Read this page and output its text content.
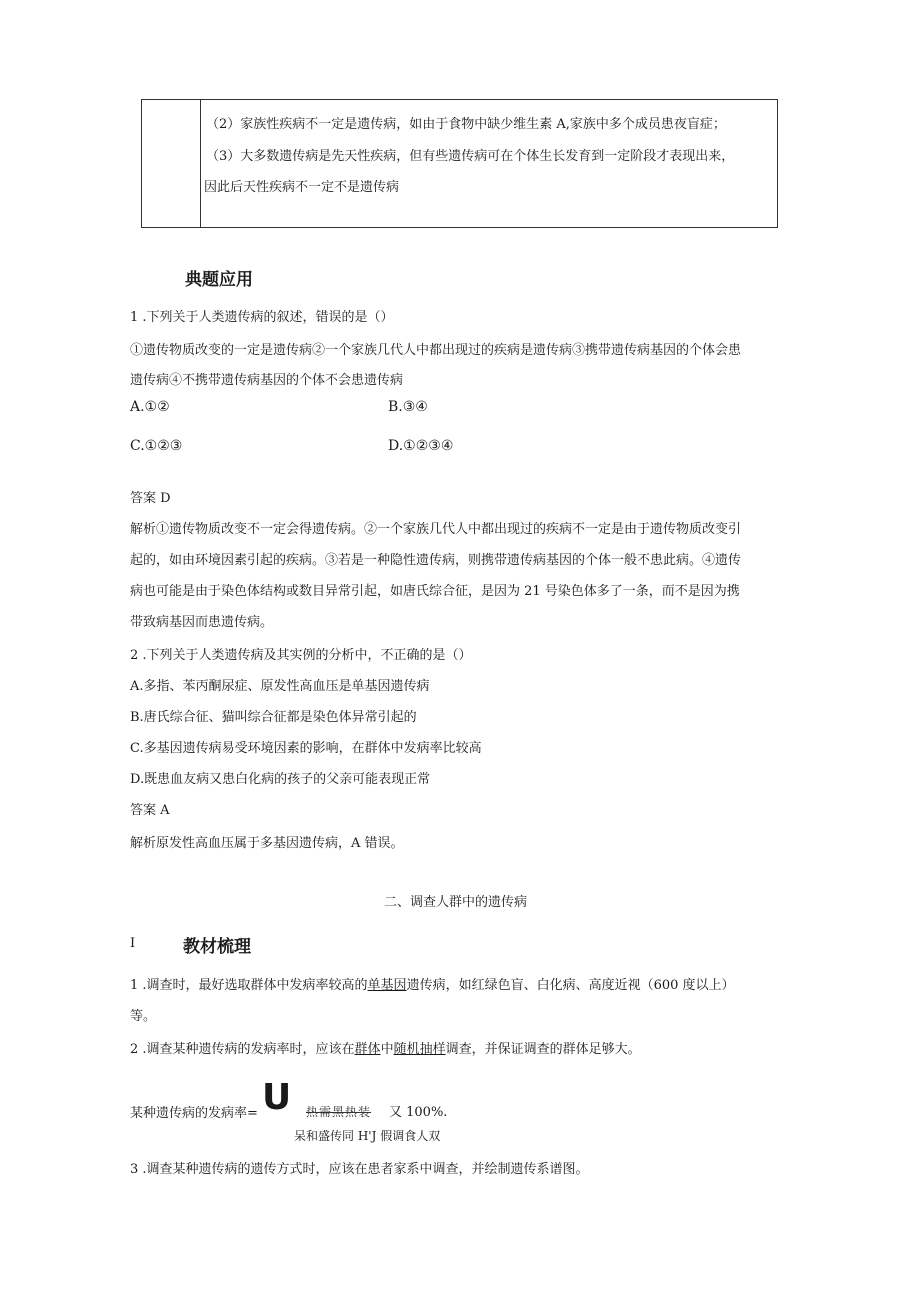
（2）家族性疾病不一定是遗传病，如由于食物中缺少维生素 A,家族中多个成员患夜盲症；
（3）大多数遗传病是先天性疾病，但有些遗传病可在个体生长发育到一定阶段才表现出来，
因此后天性疾病不一定不是遗传病
典题应用
1 .下列关于人类遗传病的叙述，错误的是（）
①遗传物质改变的一定是遗传病②一个家族几代人中都出现过的疾病是遗传病③携带遗传病基因的个体会患
遗传病④不携带遗传病基因的个体不会患遗传病
A.①②	B.③④
C.①②③	D.①②③④
答案 D
解析①遗传物质改变不一定会得遗传病。②一个家族几代人中都出现过的疾病不一定是由于遗传物质改变引
起的，如由环境因素引起的疾病。③若是一种隐性遗传病，则携带遗传病基因的个体一般不患此病。④遗传
病也可能是由于染色体结构或数目异常引起，如唐氏综合征，是因为 21 号染色体多了一条，而不是因为携
带致病基因而患遗传病。
2 .下列关于人类遗传病及其实例的分析中，不正确的是（）
A.多指、苯丙酮尿症、原发性高血压是单基因遗传病
B.唐氏综合征、猫叫综合征都是染色体异常引起的
C.多基因遗传病易受环境因素的影响，在群体中发病率比较高
D.既患血友病又患白化病的孩子的父亲可能表现正常
答案 A
解析原发性高血压属于多基因遗传病，A 错误。
二、调查人群中的遗传病
I	教材梳理
1 .调查时，最好选取群体中发病率较高的单基因遗传病，如红绿色盲、白化病、高度近视（600 度以上）
等。
2 .调查某种遗传病的发病率时，应该在群体中随机抽样调查，并保证调查的群体足够大。
某种遗传病的发病率= U 热需黑热装 又 100%.
呆和盛传同 H'J 假调食人双
3 .调查某种遗传病的遗传方式时，应该在患者家系中调查，并绘制遗传系谱图。
